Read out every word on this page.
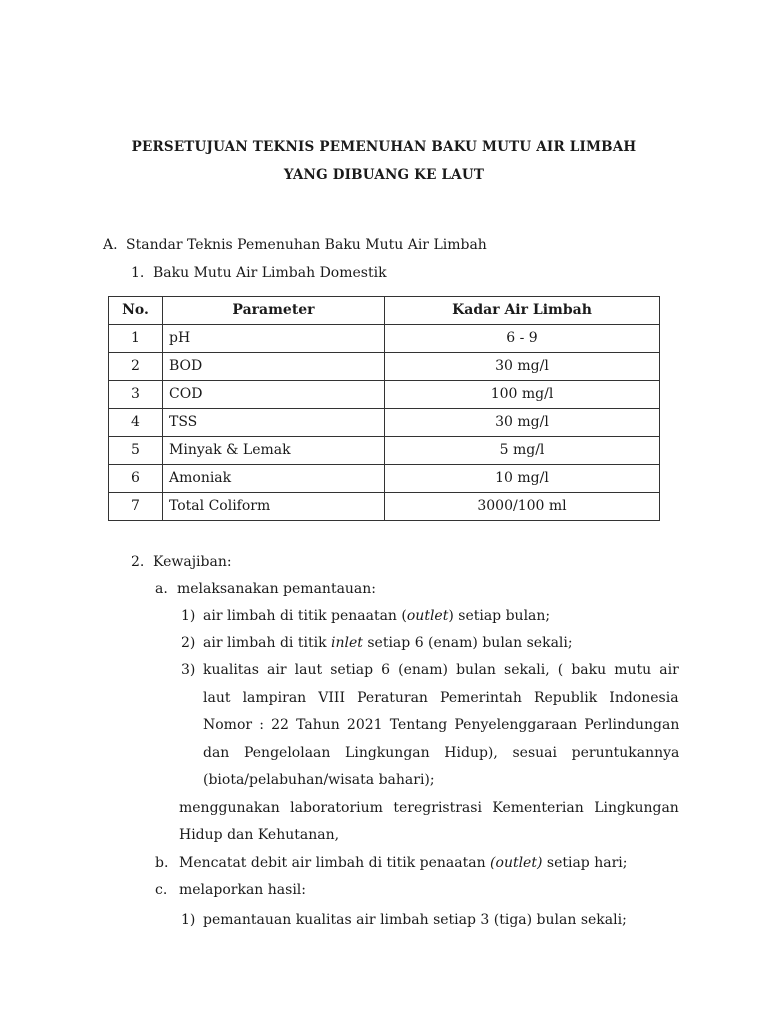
PERSETUJUAN TEKNIS PEMENUHAN BAKU MUTU AIR LIMBAH
YANG DIBUANG KE LAUT
A. Standar Teknis Pemenuhan Baku Mutu Air Limbah
1. Baku Mutu Air Limbah Domestik
No.	Parameter	Kadar Air Limbah
1	pH	6 - 9
2	BOD	30 mg/l
3	COD	100 mg/l
4	TSS	30 mg/l
5	Minyak & Lemak	5 mg/l
6	Amoniak	10 mg/l
7	Total Coliform	3000/100 ml
2. Kewajiban:
a. melaksanakan pemantauan:
1) air limbah di titik penaatan (outlet) setiap bulan;
2) air limbah di titik inlet setiap 6 (enam) bulan sekali;
3) kualitas air laut setiap 6 (enam) bulan sekali, ( baku mutu air
laut lampiran VIII Peraturan Pemerintah Republik Indonesia
Nomor : 22 Tahun 2021 Tentang Penyelenggaraan Perlindungan
dan Pengelolaan Lingkungan Hidup), sesuai peruntukannya
(biota/pelabuhan/wisata bahari);
menggunakan laboratorium teregristrasi Kementerian Lingkungan
Hidup dan Kehutanan,
b. Mencatat debit air limbah di titik penaatan (outlet) setiap hari;
c. melaporkan hasil:
1) pemantauan kualitas air limbah setiap 3 (tiga) bulan sekali;
